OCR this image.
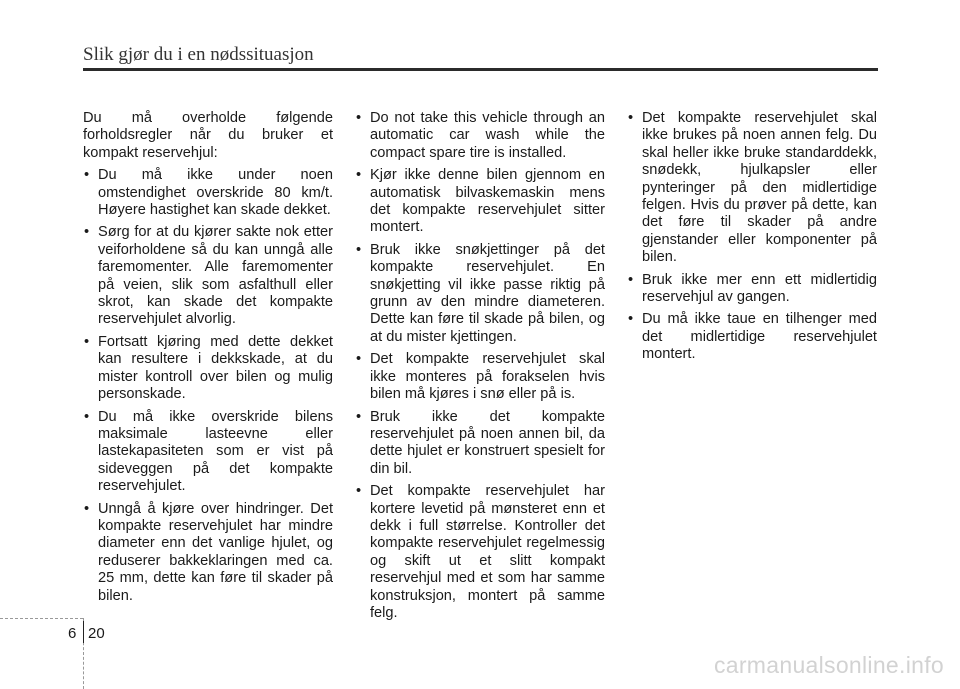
Slik gjør du i en nødssituasjon

Du må overholde følgende forholdsregler når du bruker et kompakt reservehjul:

• Du må ikke under noen omstendighet overskride 80 km/t. Høyere hastighet kan skade dekket.
• Sørg for at du kjører sakte nok etter veiforholdene så du kan unngå alle faremomenter. Alle faremomenter på veien, slik som asfalthull eller skrot, kan skade det kompakte reservehjulet alvorlig.
• Fortsatt kjøring med dette dekket kan resultere i dekkskade, at du mister kontroll over bilen og mulig personskade.
• Du må ikke overskride bilens maksimale lasteevne eller lastekapasiteten som er vist på sideveggen på det kompakte reservehjulet.
• Unngå å kjøre over hindringer. Det kompakte reservehjulet har mindre diameter enn det vanlige hjulet, og reduserer bakkeklaringen med ca. 25 mm, dette kan føre til skader på bilen.
• Do not take this vehicle through an automatic car wash while the compact spare tire is installed.
• Kjør ikke denne bilen gjennom en automatisk bilvaskemaskin mens det kompakte reservehjulet sitter montert.
• Bruk ikke snøkjettinger på det kompakte reservehjulet. En snøkjetting vil ikke passe riktig på grunn av den mindre diameteren. Dette kan føre til skade på bilen, og at du mister kjettingen.
• Det kompakte reservehjulet skal ikke monteres på forakselen hvis bilen må kjøres i snø eller på is.
• Bruk ikke det kompakte reservehjulet på noen annen bil, da dette hjulet er konstruert spesielt for din bil.
• Det kompakte reservehjulet har kortere levetid på mønsteret enn et dekk i full størrelse. Kontroller det kompakte reservehjulet regelmessig og skift ut et slitt kompakt reservehjul med et som har samme konstruksjon, montert på samme felg.
• Det kompakte reservehjulet skal ikke brukes på noen annen felg. Du skal heller ikke bruke standarddekk, snødekk, hjulkapsler eller pynteringer på den midlertidige felgen. Hvis du prøver på dette, kan det føre til skader på andre gjenstander eller komponenter på bilen.
• Bruk ikke mer enn ett midlertidig reservehjul av gangen.
• Du må ikke taue en tilhenger med det midlertidige reservehjulet montert.
6 20
carmanualsonline.info
